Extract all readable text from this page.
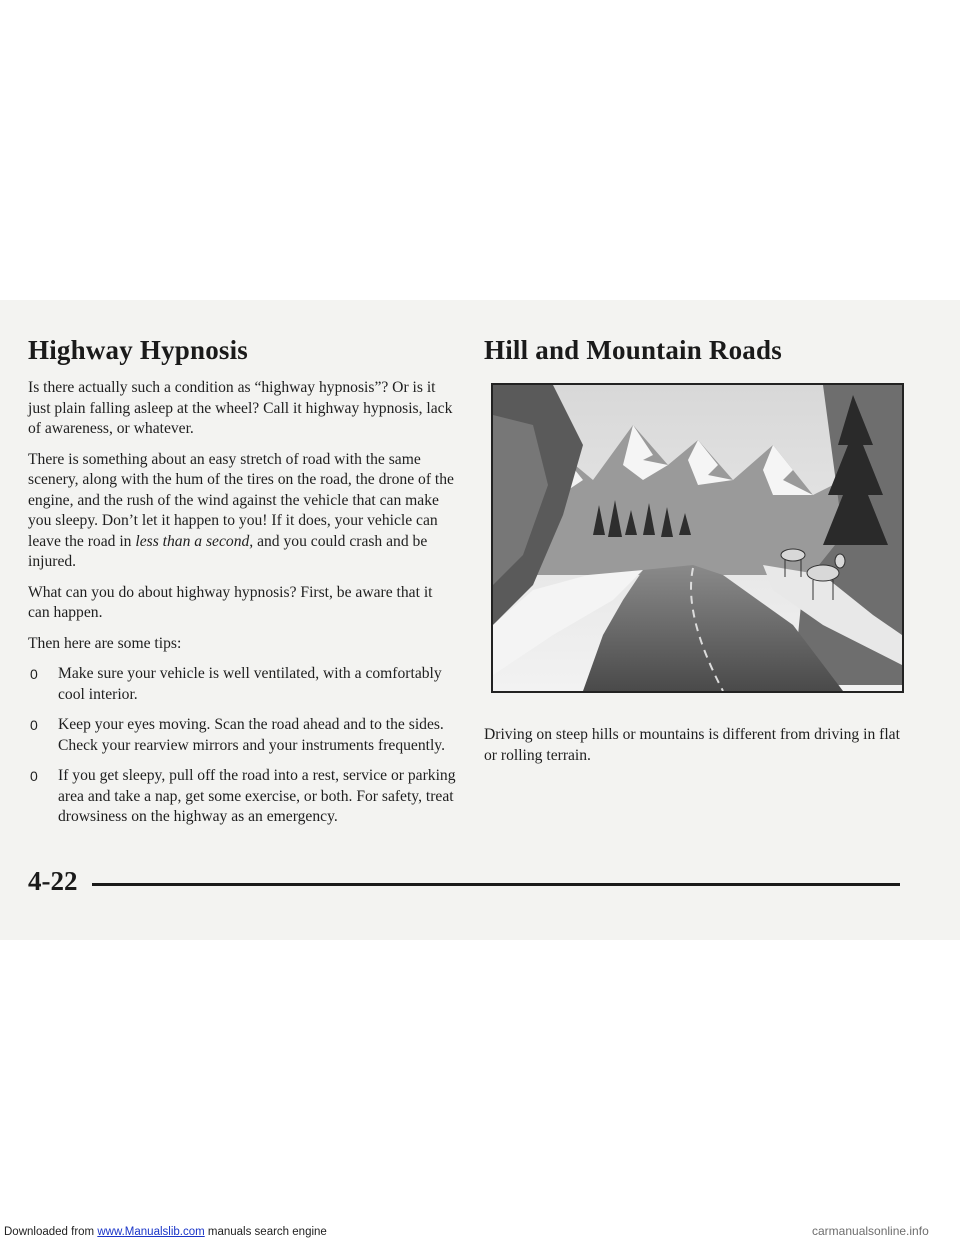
Highway Hypnosis

Is there actually such a condition as “highway hypnosis”? Or is it just plain falling asleep at the wheel? Call it highway hypnosis, lack of awareness, or whatever.

There is something about an easy stretch of road with the same scenery, along with the hum of the tires on the road, the drone of the engine, and the rush of the wind against the vehicle that can make you sleepy. Don’t let it happen to you! If it does, your vehicle can leave the road in less than a second, and you could crash and be injured.

What can you do about highway hypnosis? First, be aware that it can happen.

Then here are some tips:

0 Make sure your vehicle is well ventilated, with a comfortably cool interior.
0 Keep your eyes moving. Scan the road ahead and to the sides. Check your rearview mirrors and your instruments frequently.
0 If you get sleepy, pull off the road into a rest, service or parking area and take a nap, get some exercise, or both. For safety, treat drowsiness on the highway as an emergency.
Hill and Mountain Roads

Driving on steep hills or mountains is different from driving in flat or rolling terrain.

4-22
Downloaded from www.Manualslib.com manuals search engine	carmanualsonline.info
